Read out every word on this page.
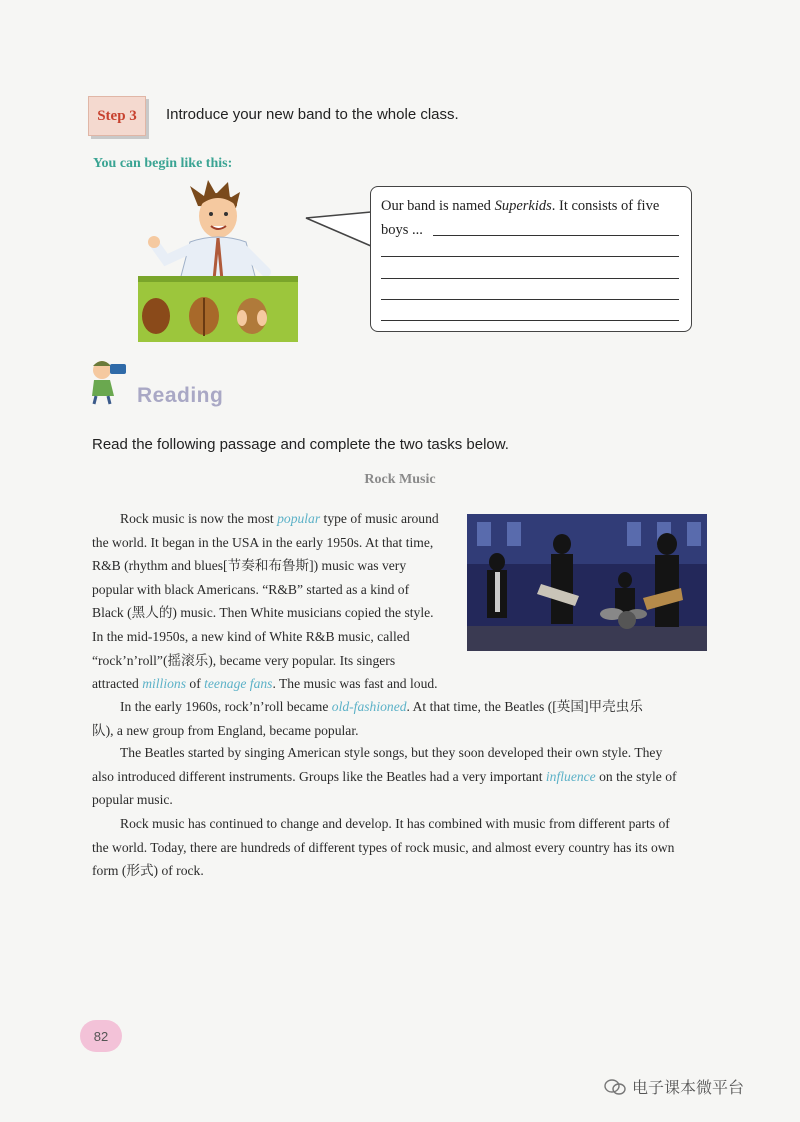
Step 3	Introduce your new band to the whole class.
You can begin like this:
Our band is named Superkids. It consists of five
boys ...
Reading
Read the following passage and complete the two tasks below.
Rock Music
Rock music is now the most popular type of music around
the world. It began in the USA in the early 1950s. At that time,
R&B (rhythm and blues[节奏和布鲁斯]) music was very
popular with black Americans. “R&B” started as a kind of
Black (黑人的) music. Then White musicians copied the style.
In the mid-1950s, a new kind of White R&B music, called
“rock’n’roll”(摇滚乐), became very popular. Its singers
attracted millions of teenage fans. The music was fast and loud.
In the early 1960s, rock’n’roll became old-fashioned. At that time, the Beatles ([英国]甲壳虫乐
队), a new group from England, became popular.
The Beatles started by singing American style songs, but they soon developed their own style. They
also introduced different instruments. Groups like the Beatles had a very important influence on the style of
popular music.
Rock music has continued to change and develop. It has combined with music from different parts of
the world. Today, there are hundreds of different types of rock music, and almost every country has its own
form (形式) of rock.
82
电子课本微平台
